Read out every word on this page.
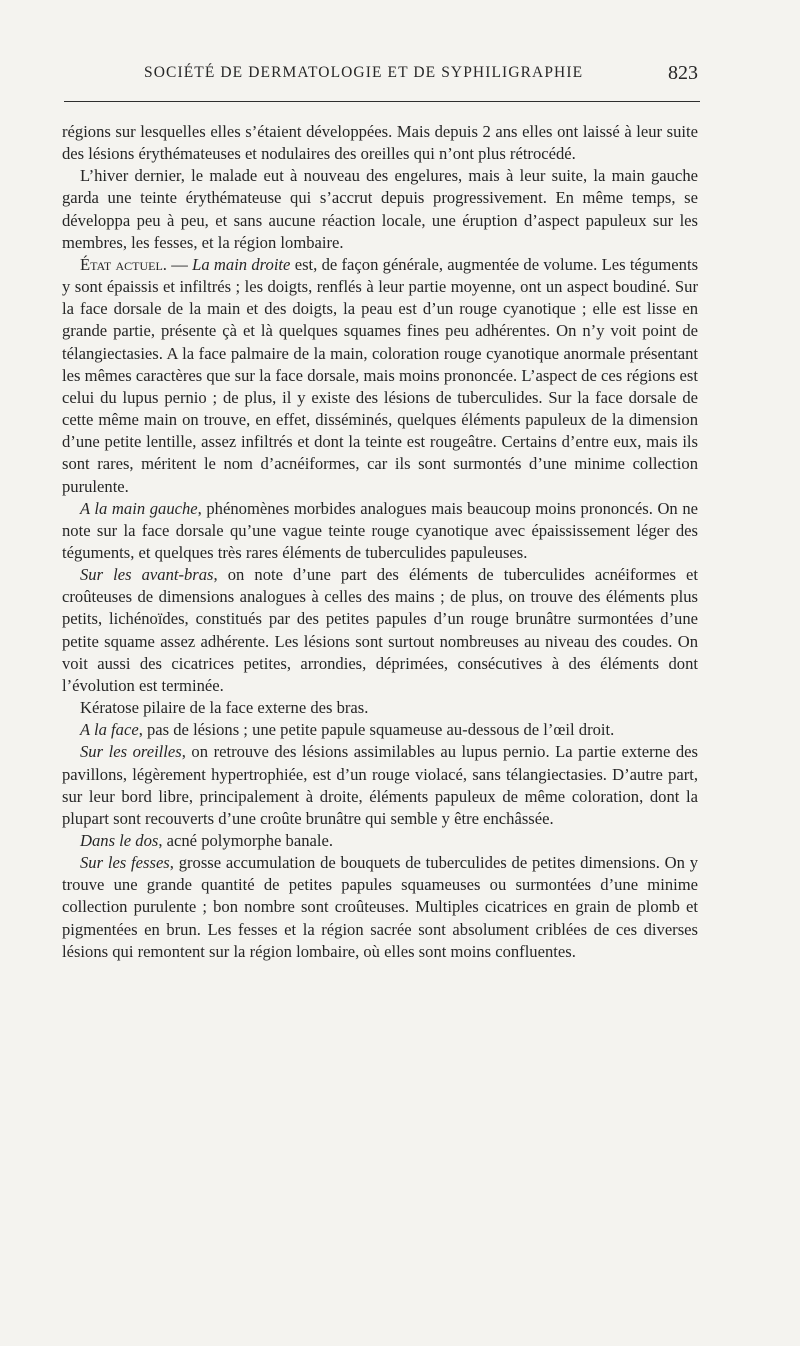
SOCIÉTÉ DE DERMATOLOGIE ET DE SYPHILIGRAPHIE	823

régions sur lesquelles elles s’étaient développées. Mais depuis 2 ans elles ont laissé à leur suite des lésions érythémateuses et nodulaires des oreilles qui n’ont plus rétrocédé.

L’hiver dernier, le malade eut à nouveau des engelures, mais à leur suite, la main gauche garda une teinte érythémateuse qui s’accrut depuis progressivement. En même temps, se développa peu à peu, et sans aucune réaction locale, une éruption d’aspect papuleux sur les membres, les fesses, et la région lombaire.

État actuel. — La main droite est, de façon générale, augmentée de volume. Les téguments y sont épaissis et infiltrés ; les doigts, renflés à leur partie moyenne, ont un aspect boudiné. Sur la face dorsale de la main et des doigts, la peau est d’un rouge cyanotique ; elle est lisse en grande partie, présente çà et là quelques squames fines peu adhérentes. On n’y voit point de télangiectasies. A la face palmaire de la main, coloration rouge cyanotique anormale présentant les mêmes caractères que sur la face dorsale, mais moins prononcée. L’aspect de ces régions est celui du lupus pernio ; de plus, il y existe des lésions de tuberculides. Sur la face dorsale de cette même main on trouve, en effet, disséminés, quelques éléments papuleux de la dimension d’une petite lentille, assez infiltrés et dont la teinte est rougeâtre. Certains d’entre eux, mais ils sont rares, méritent le nom d’acnéiformes, car ils sont surmontés d’une minime collection purulente.

A la main gauche, phénomènes morbides analogues mais beaucoup moins prononcés. On ne note sur la face dorsale qu’une vague teinte rouge cyanotique avec épaississement léger des téguments, et quelques très rares éléments de tuberculides papuleuses.

Sur les avant-bras, on note d’une part des éléments de tuberculides acnéiformes et croûteuses de dimensions analogues à celles des mains ; de plus, on trouve des éléments plus petits, lichénoïdes, constitués par des petites papules d’un rouge brunâtre surmontées d’une petite squame assez adhérente. Les lésions sont surtout nombreuses au niveau des coudes. On voit aussi des cicatrices petites, arrondies, déprimées, consécutives à des éléments dont l’évolution est terminée.

Kératose pilaire de la face externe des bras.

A la face, pas de lésions ; une petite papule squameuse au-dessous de l’œil droit.

Sur les oreilles, on retrouve des lésions assimilables au lupus pernio. La partie externe des pavillons, légèrement hypertrophiée, est d’un rouge violacé, sans télangiectasies. D’autre part, sur leur bord libre, principalement à droite, éléments papuleux de même coloration, dont la plupart sont recouverts d’une croûte brunâtre qui semble y être enchâssée.

Dans le dos, acné polymorphe banale.

Sur les fesses, grosse accumulation de bouquets de tuberculides de petites dimensions. On y trouve une grande quantité de petites papules squameuses ou surmontées d’une minime collection purulente ; bon nombre sont croûteuses. Multiples cicatrices en grain de plomb et pigmentées en brun. Les fesses et la région sacrée sont absolument criblées de ces diverses lésions qui remontent sur la région lombaire, où elles sont moins confluentes.
